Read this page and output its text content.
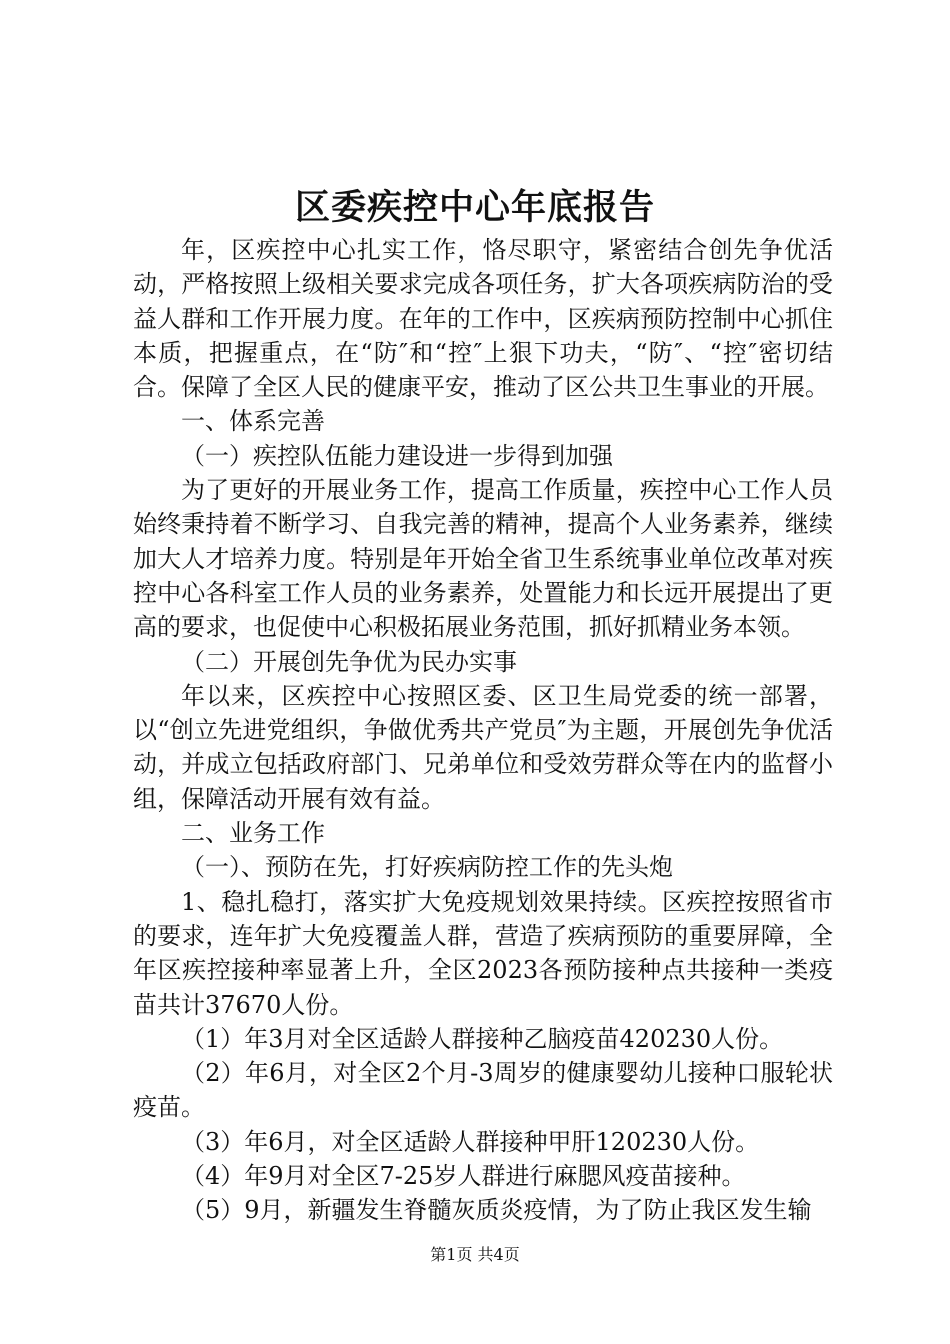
区委疾控中心年底报告

年，区疾控中心扎实工作，恪尽职守，紧密结合创先争优活动，严格按照上级相关要求完成各项任务，扩大各项疾病防治的受益人群和工作开展力度。在年的工作中，区疾病预防控制中心抓住本质，把握重点，在“防″和“控″上狠下功夫，“防″、“控″密切结合。保障了全区人民的健康平安，推动了区公共卫生事业的开展。

一、体系完善

（一）疾控队伍能力建设进一步得到加强

为了更好的开展业务工作，提高工作质量，疾控中心工作人员始终秉持着不断学习、自我完善的精神，提高个人业务素养，继续加大人才培养力度。特别是年开始全省卫生系统事业单位改革对疾控中心各科室工作人员的业务素养，处置能力和长远开展提出了更高的要求，也促使中心积极拓展业务范围，抓好抓精业务本领。

（二）开展创先争优为民办实事

年以来，区疾控中心按照区委、区卫生局党委的统一部署，以“创立先进党组织，争做优秀共产党员″为主题，开展创先争优活动，并成立包括政府部门、兄弟单位和受效劳群众等在内的监督小组，保障活动开展有效有益。

二、业务工作

（一）、预防在先，打好疾病防控工作的先头炮

1、稳扎稳打，落实扩大免疫规划效果持续。区疾控按照省市的要求，连年扩大免疫覆盖人群，营造了疾病预防的重要屏障，全年区疾控接种率显著上升，全区2023各预防接种点共接种一类疫苗共计37670人份。

（1）年3月对全区适龄人群接种乙脑疫苗420230人份。

（2）年6月，对全区2个月-3周岁的健康婴幼儿接种口服轮状疫苗。

（3）年6月，对全区适龄人群接种甲肝120230人份。

（4）年9月对全区7-25岁人群进行麻腮风疫苗接种。

（5）9月，新疆发生脊髓灰质炎疫情，为了防止我区发生输

第1页 共4页
